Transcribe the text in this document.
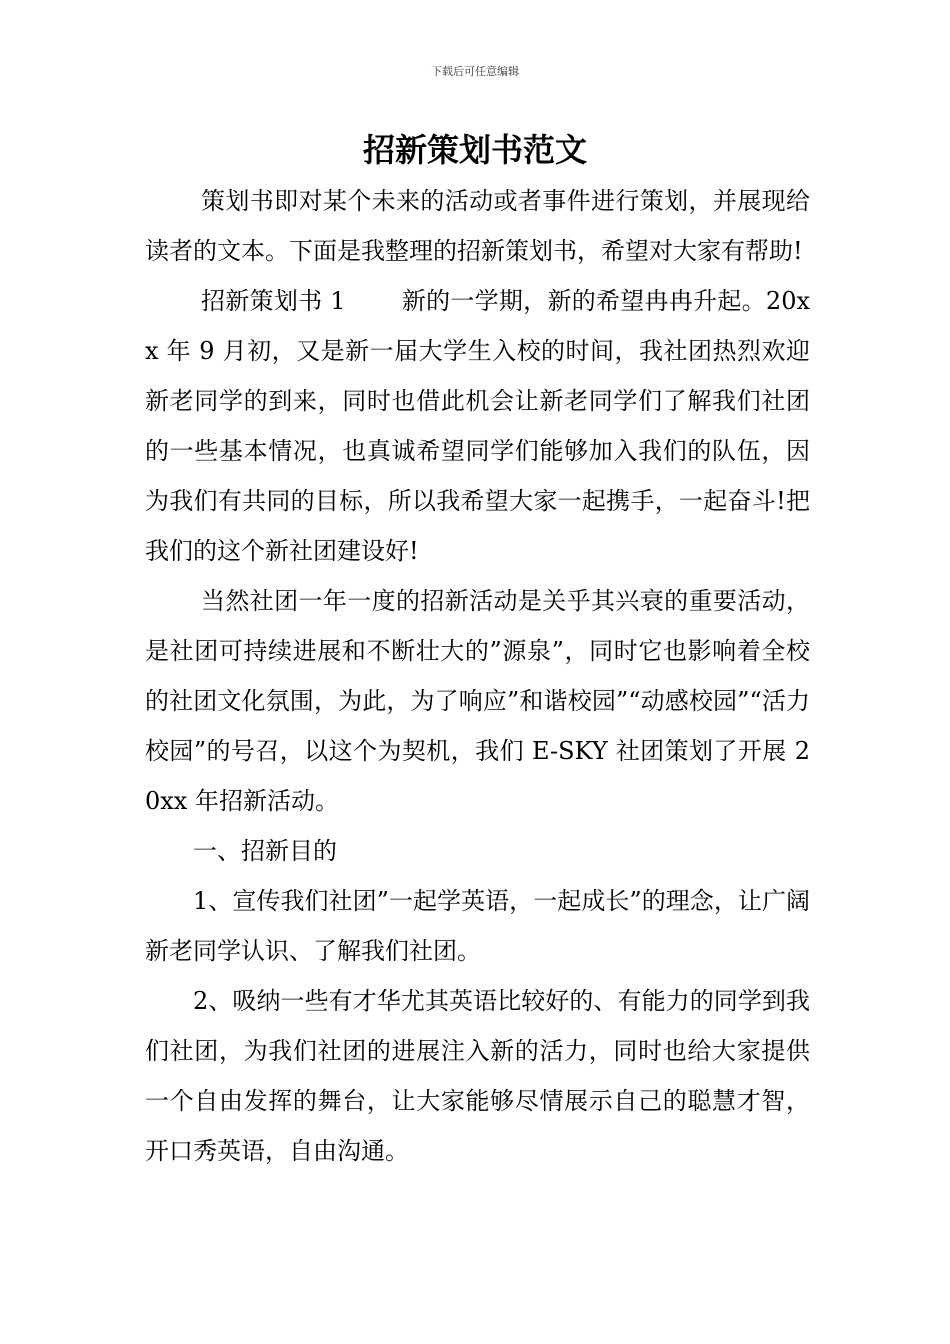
下载后可任意编辑
招新策划书范文

策划书即对某个未来的活动或者事件进行策划，并展现给读者的文本。下面是我整理的招新策划书，希望对大家有帮助!

招新策划书 1 新的一学期，新的希望冉冉升起。20xx 年 9 月初，又是新一届大学生入校的时间，我社团热烈欢迎新老同学的到来，同时也借此机会让新老同学们了解我们社团的一些基本情况，也真诚希望同学们能够加入我们的队伍，因为我们有共同的目标，所以我希望大家一起携手，一起奋斗!把我们的这个新社团建设好!

当然社团一年一度的招新活动是关乎其兴衰的重要活动，是社团可持续进展和不断壮大的”源泉”，同时它也影响着全校的社团文化氛围，为此，为了响应”和谐校园”“动感校园”“活力校园”的号召，以这个为契机，我们 E-SKY 社团策划了开展 20xx 年招新活动。

一、招新目的

1、宣传我们社团”一起学英语，一起成长”的理念，让广阔新老同学认识、了解我们社团。

2、吸纳一些有才华尤其英语比较好的、有能力的同学到我们社团，为我们社团的进展注入新的活力，同时也给大家提供一个自由发挥的舞台，让大家能够尽情展示自己的聪慧才智，开口秀英语，自由沟通。
